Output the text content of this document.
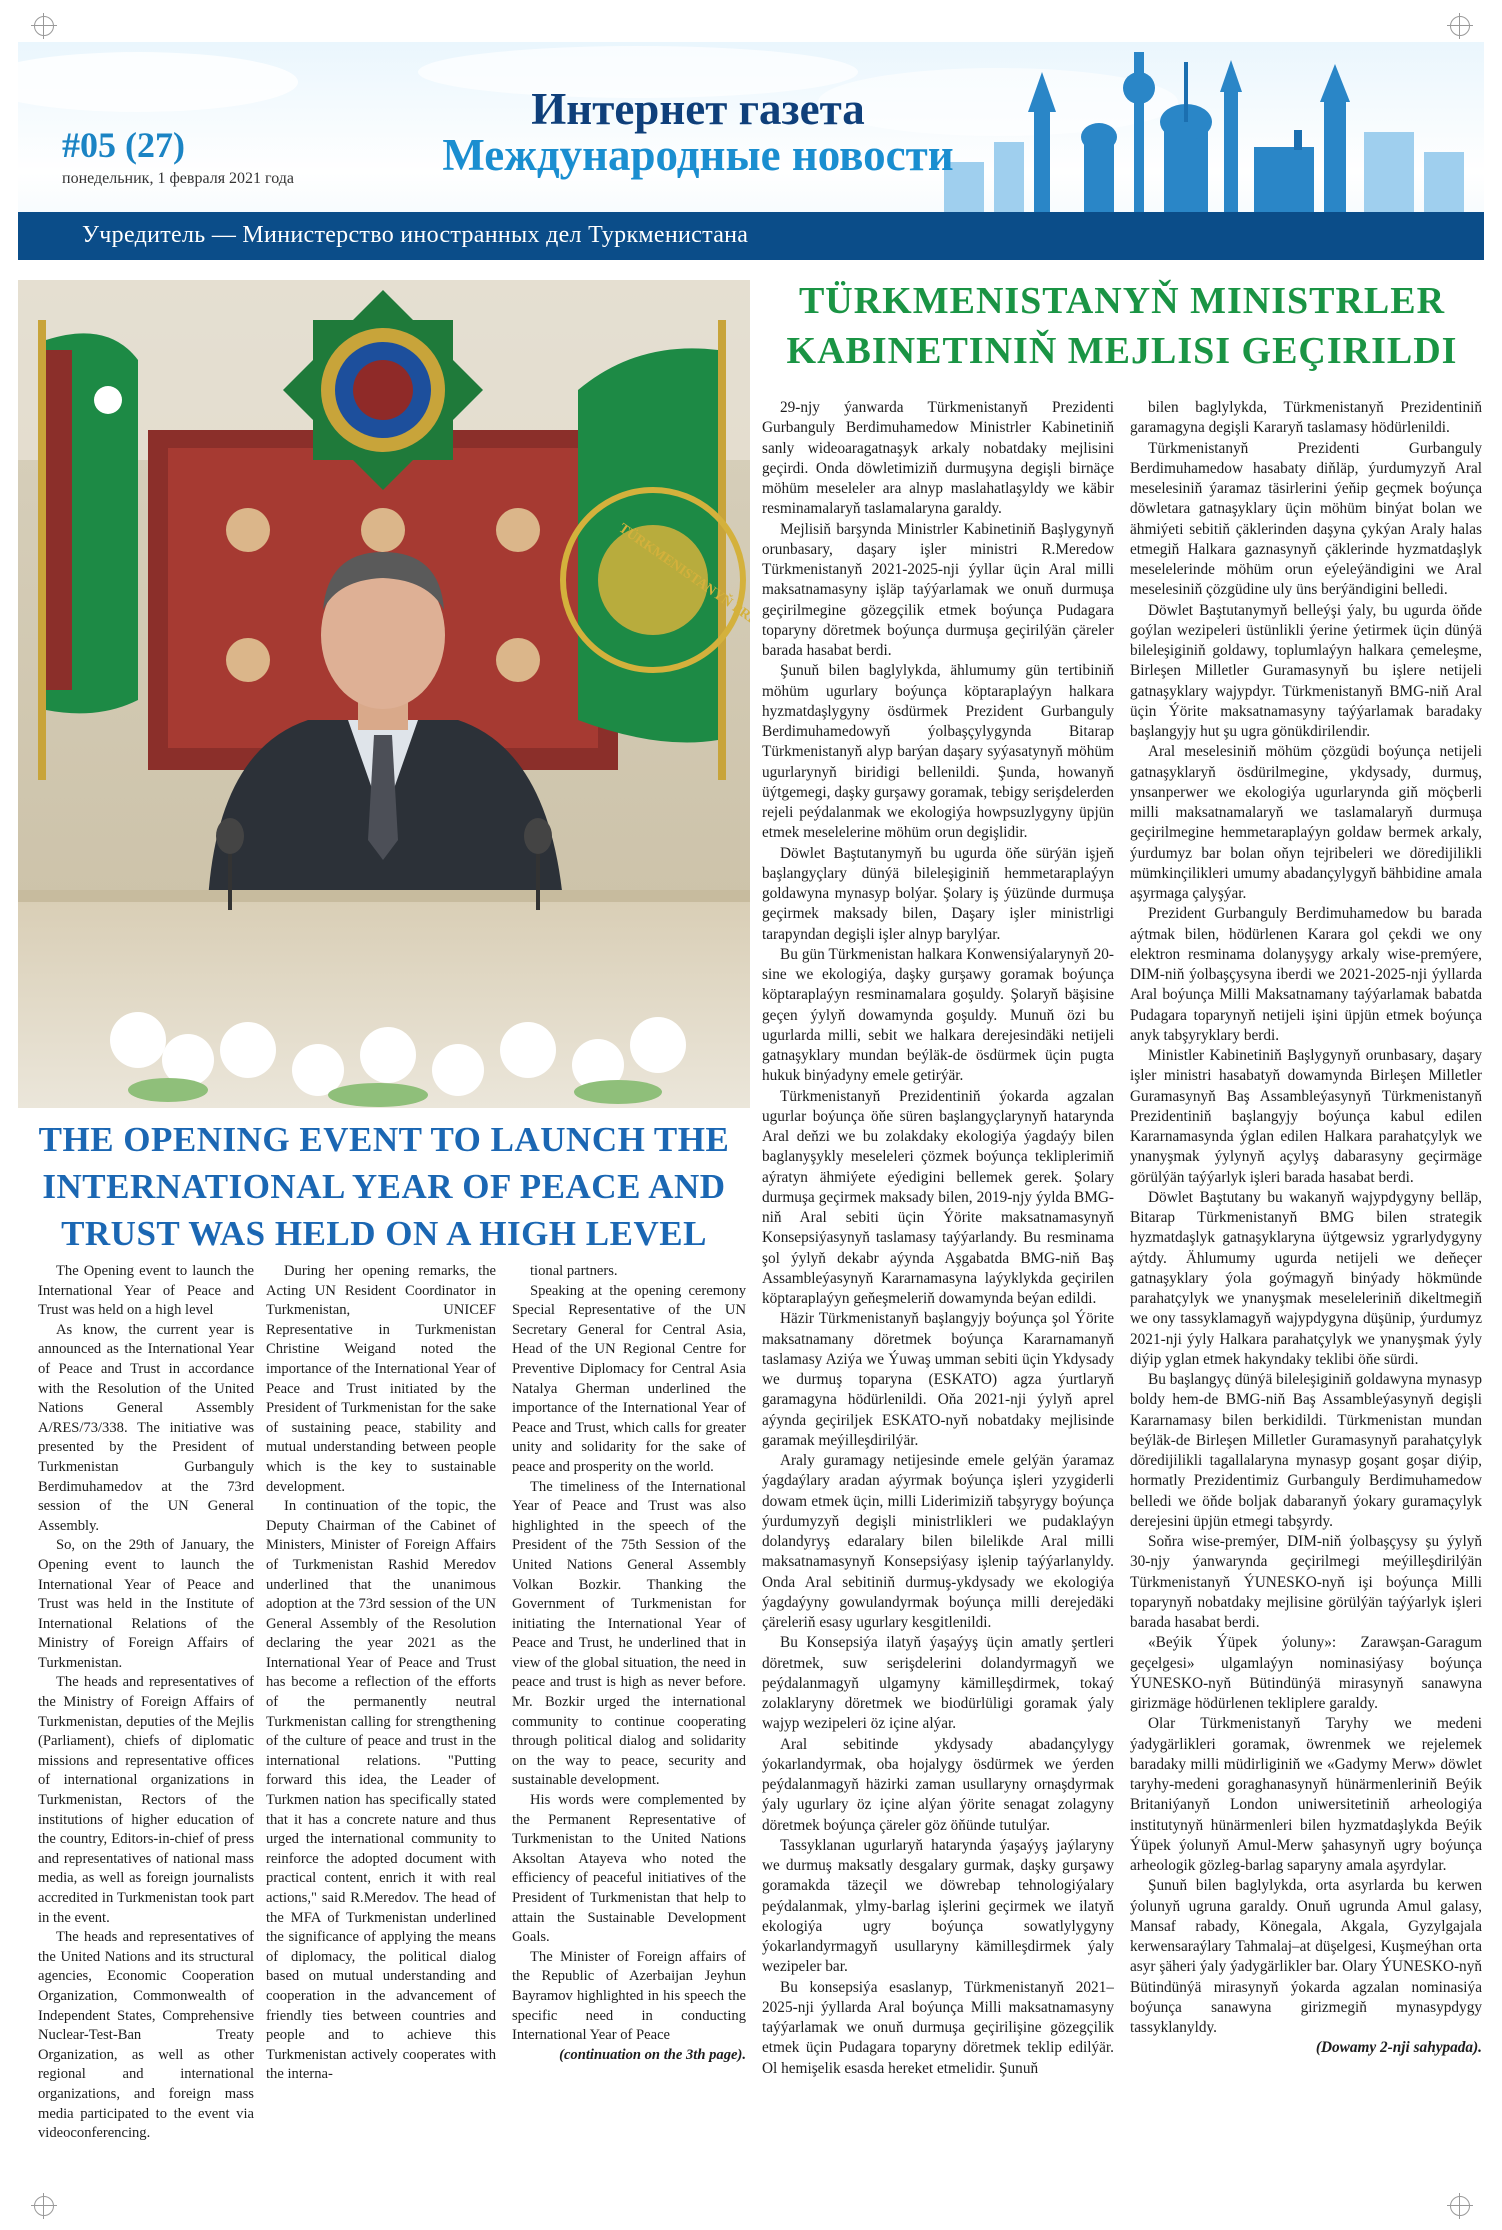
#05 (27)
понедельник, 1 февраля 2021 года
Интернет газета
Международные новости
Учредитель — Министерство иностранных дел Туркменистана
TÜRKMENISTANYŇ
TÜRKMENISTANYŇ MINISTRLER
KABINETINIŇ MEJLISI GEÇIRILDI
THE OPENING EVENT TO LAUNCH THE
INTERNATIONAL YEAR OF PEACE AND
TRUST WAS HELD ON A HIGH LEVEL

The Opening event to launch the International Year of Peace and Trust was held on a high level

As know, the current year is announced as the International Year of Peace and Trust in accordance with the Resolution of the United Nations General Assembly A/RES/73/338. The initiative was presented by the President of Turkmenistan Gurbanguly Berdimuhamedov at the 73rd session of the UN General Assembly.

So, on the 29th of January, the Opening event to launch the International Year of Peace and Trust was held in the Institute of International Relations of the Ministry of Foreign Affairs of Turkmenistan.

The heads and representatives of the Ministry of Foreign Affairs of Turkmenistan, deputies of the Mejlis (Parliament), chiefs of diplomatic missions and representative offices of international organizations in Turkmenistan, Rectors of the institutions of higher education of the country, Editors-in-chief of press and representatives of national mass media, as well as foreign journalists accredited in Turkmenistan took part in the event.

The heads and representatives of the United Nations and its structural agencies, Economic Cooperation Organization, Commonwealth of Independent States, Comprehensive Nuclear-Test-Ban Treaty Organization, as well as other regional and international organizations, and foreign mass media participated to the event via videoconferencing.

During her opening remarks, the Acting UN Resident Coordinator in Turkmenistan, UNICEF Representative in Turkmenistan Christine Weigand noted the importance of the International Year of Peace and Trust initiated by the President of Turkmenistan for the sake of sustaining peace, stability and mutual understanding between people which is the key to sustainable development.

In continuation of the topic, the Deputy Chairman of the Cabinet of Ministers, Minister of Foreign Affairs of Turkmenistan Rashid Meredov underlined that the unanimous adoption at the 73rd session of the UN General Assembly of the Resolution declaring the year 2021 as the International Year of Peace and Trust has become a reflection of the efforts of the permanently neutral Turkmenistan calling for strengthening of the culture of peace and trust in the international relations. "Putting forward this idea, the Leader of Turkmen nation has specifically stated that it has a concrete nature and thus urged the international community to reinforce the adopted document with practical content, enrich it with real actions," said R.Meredov. The head of the MFA of Turkmenistan underlined the significance of applying the means of diplomacy, the political dialog based on mutual understanding and cooperation in the advancement of friendly ties between countries and people and to achieve this Turkmenistan actively cooperates with the interna-

tional partners.

Speaking at the opening ceremony Special Representative of the UN Secretary General for Central Asia, Head of the UN Regional Centre for Preventive Diplomacy for Central Asia Natalya Gherman underlined the importance of the International Year of Peace and Trust, which calls for greater unity and solidarity for the sake of peace and prosperity on the world.

The timeliness of the International Year of Peace and Trust was also highlighted in the speech of the President of the 75th Session of the United Nations General Assembly Volkan Bozkir. Thanking the Government of Turkmenistan for initiating the International Year of Peace and Trust, he underlined that in view of the global situation, the need in peace and trust is high as never before. Mr. Bozkir urged the international community to continue cooperating through political dialog and solidarity on the way to peace, security and sustainable development.

His words were complemented by the Permanent Representative of Turkmenistan to the United Nations Aksoltan Atayeva who noted the efficiency of peaceful initiatives of the President of Turkmenistan that help to attain the Sustainable Development Goals.

The Minister of Foreign affairs of the Republic of Azerbaijan Jeyhun Bayramov highlighted in his speech the specific need in conducting International Year of Peace

(continuation on the 3th page).

29-njy ýanwarda Türkmenistanyň Prezidenti Gurbanguly Berdimuhamedow Ministrler Kabinetiniň sanly wideoaragatnaşyk arkaly nobatdaky mejlisini geçirdi. Onda döwletimiziň durmuşyna degişli birnäçe möhüm meseleler ara alnyp maslahatlaşyldy we käbir resminamalaryň taslamalaryna garaldy.

Mejlisiň barşynda Ministrler Kabinetiniň Başlygynyň orunbasary, daşary işler ministri R.Meredow Türkmenistanyň 2021-2025-nji ýyllar üçin Aral milli maksatnamasyny işläp taýýarlamak we onuň durmuşa geçirilmegine gözegçilik etmek boýunça Pudagara toparyny döretmek boýunça durmuşa geçirilýän çäreler barada hasabat berdi.

Şunuň bilen baglylykda, ählumumy gün tertibiniň möhüm ugurlary boýunça köptaraplaýyn halkara hyzmatdaşlygyny ösdürmek Prezident Gurbanguly Berdimuhamedowyň ýolbaşçylygynda Bitarap Türkmenistanyň alyp barýan daşary syýasatynyň möhüm ugurlarynyň biridigi bellenildi. Şunda, howanyň üýtgemegi, daşky gurşawy goramak, tebigy serişdelerden rejeli peýdalanmak we ekologiýa howpsuzlygyny üpjün etmek meselelerine möhüm orun degişlidir.

Döwlet Baştutanymyň bu ugurda öňe sürýän işjeň başlangyçlary dünýä bileleşiginiň hemmetaraplaýyn goldawyna mynasyp bolýar. Şolary iş ýüzünde durmuşa geçirmek maksady bilen, Daşary işler ministrligi tarapyndan degişli işler alnyp barylýar.

Bu gün Türkmenistan halkara Konwensiýalarynyň 20-sine we ekologiýa, daşky gurşawy goramak boýunça köptaraplaýyn resminamalara goşuldy. Şolaryň bäşisine geçen ýylyň dowamynda goşuldy. Munuň özi bu ugurlarda milli, sebit we halkara derejesindäki netijeli gatnaşyklary mundan beýläk-de ösdürmek üçin pugta hukuk binýadyny emele getirýär.

Türkmenistanyň Prezidentiniň ýokarda agzalan ugurlar boýunça öňe süren başlangyçlarynyň hatarynda Aral deňzi we bu zolakdaky ekologiýa ýagdaýy bilen baglanyşykly meseleleri çözmek boýunça tekliplerimiň aýratyn ähmiýete eýedigini bellemek gerek. Şolary durmuşa geçirmek maksady bilen, 2019-njy ýylda BMG-niň Aral sebiti üçin Ýörite maksatnamasynyň Konsepsiýasynyň taslamasy taýýarlandy. Bu resminama şol ýylyň dekabr aýynda Aşgabatda BMG-niň Baş Assambleýasynyň Kararnamasyna laýyklykda geçirilen köptaraplaýyn geňeşmeleriň dowamynda beýan edildi.

Häzir Türkmenistanyň başlangyjy boýunça şol Ýörite maksatnamany döretmek boýunça Kararnamanyň taslamasy Aziýa we Ýuwaş umman sebiti üçin Ykdysady we durmuş toparyna (ESKATO) agza ýurtlaryň garamagyna hödürlenildi. Oňa 2021-nji ýylyň aprel aýynda geçiriljek ESKATO-nyň nobatdaky mejlisinde garamak meýilleşdirilýär.

Araly guramagy netijesinde emele gelýän ýaramaz ýagdaýlary aradan aýyrmak boýunça işleri yzygiderli dowam etmek üçin, milli Liderimiziň tabşyrygy boýunça ýurdumyzyň degişli ministrlikleri we pudaklaýyn dolandyryş edaralary bilen bilelikde Aral milli maksatnamasynyň Konsepsiýasy işlenip taýýarlanyldy. Onda Aral sebitiniň durmuş-ykdysady we ekologiýa ýagdaýyny gowulandyrmak boýunça milli derejedäki çäreleriň esasy ugurlary kesgitlenildi.

Bu Konsepsiýa ilatyň ýaşaýyş üçin amatly şertleri döretmek, suw serişdelerini dolandyrmagyň we peýdalanmagyň ulgamyny kämilleşdirmek, tokaý zolaklaryny döretmek we biodürlüligi goramak ýaly wajyp wezipeleri öz içine alýar.

Aral sebitinde ykdysady abadançylygy ýokarlandyrmak, oba hojalygy ösdürmek we ýerden peýdalanmagyň häzirki zaman usullaryny ornaşdyrmak ýaly ugurlary öz içine alýan ýörite senagat zolagyny döretmek boýunça çäreler göz öňünde tutulýar.

Tassyklanan ugurlaryň hatarynda ýaşaýyş jaýlaryny we durmuş maksatly desgalary gurmak, daşky gurşawy goramakda täzeçil we döwrebap tehnologiýalary peýdalanmak, ylmy-barlag işlerini geçirmek we ilatyň ekologiýa ugry boýunça sowatlylygyny ýokarlandyrmagyň usullaryny kämilleşdirmek ýaly wezipeler bar.

Bu konsepsiýa esaslanyp, Türkmenistanyň 2021–2025-nji ýyllarda Aral boýunça Milli maksatnamasyny taýýarlamak we onuň durmuşa geçirilişine gözegçilik etmek üçin Pudagara toparyny döretmek teklip edilýär. Ol hemişelik esasda hereket etmelidir. Şunuň

bilen baglylykda, Türkmenistanyň Prezidentiniň garamagyna degişli Kararyň taslamasy hödürlenildi.

Türkmenistanyň Prezidenti Gurbanguly Berdimuhamedow hasabaty diňläp, ýurdumyzyň Aral meselesiniň ýaramaz täsirlerini ýeňip geçmek boýunça döwletara gatnaşyklary üçin möhüm binýat bolan we ähmiýeti sebitiň çäklerinden daşyna çykýan Araly halas etmegiň Halkara gaznasynyň çäklerinde hyzmatdaşlyk meselelerinde möhüm orun eýeleýändigini we Aral meselesiniň çözgüdine uly üns berýändigini belledi.

Döwlet Baştutanymyň belleýşi ýaly, bu ugurda öňde goýlan wezipeleri üstünlikli ýerine ýetirmek üçin dünýä bileleşiginiň goldawy, toplumlaýyn halkara çemeleşme, Birleşen Milletler Guramasynyň bu işlere netijeli gatnaşyklary wajypdyr. Türkmenistanyň BMG-niň Aral üçin Ýörite maksatnamasyny taýýarlamak baradaky başlangyjy hut şu ugra gönükdirilendir.

Aral meselesiniň möhüm çözgüdi boýunça netijeli gatnaşyklaryň ösdürilmegine, ykdysady, durmuş, ynsanperwer we ekologiýa ugurlarynda giň möçberli milli maksatnamalaryň we taslamalaryň durmuşa geçirilmegine hemmetaraplaýyn goldaw bermek arkaly, ýurdumyz bar bolan oňyn tejribeleri we döredijilikli mümkinçilikleri umumy abadançylygyň bähbidine amala aşyrmaga çalyşýar.

Prezident Gurbanguly Berdimuhamedow bu barada aýtmak bilen, hödürlenen Karara gol çekdi we ony elektron resminama dolanyşygy arkaly wise-premýere, DIM-niň ýolbaşçysyna iberdi we 2021-2025-nji ýyllarda Aral boýunça Milli Maksatnamany taýýarlamak babatda Pudagara toparynyň netijeli işini üpjün etmek boýunça anyk tabşyryklary berdi.

Ministler Kabinetiniň Başlygynyň orunbasary, daşary işler ministri hasabatyň dowamynda Birleşen Milletler Guramasynyň Baş Assambleýasynyň Türkmenistanyň Prezidentiniň başlangyjy boýunça kabul edilen Kararnamasynda ýglan edilen Halkara parahatçylyk we ynanyşmak ýylynyň açylyş dabarasyny geçirmäge görülýän taýýarlyk işleri barada hasabat berdi.

Döwlet Baştutany bu wakanyň wajypdygyny belläp, Bitarap Türkmenistanyň BMG bilen strategik hyzmatdaşlyk gatnaşyklaryna üýtgewsiz ygrarlydygyny aýtdy. Ählumumy ugurda netijeli we deňeçer gatnaşyklary ýola goýmagyň binýady hökmünde parahatçylyk we ynanyşmak meseleleriniň dikeltmegiň we ony tassyklamagyň wajypdygyna düşünip, ýurdumyz 2021-nji ýyly Halkara parahatçylyk we ynanyşmak ýyly diýip yglan etmek hakyndaky teklibi öňe sürdi.

Bu başlangyç dünýä bileleşiginiň goldawyna mynasyp boldy hem-de BMG-niň Baş Assambleýasynyň degişli Kararnamasy bilen berkidildi. Türkmenistan mundan beýläk-de Birleşen Milletler Guramasynyň parahatçylyk döredijilikli tagallalaryna mynasyp goşant goşar diýip, hormatly Prezidentimiz Gurbanguly Berdimuhamedow belledi we öňde boljak dabaranyň ýokary guramaçylyk derejesini üpjün etmegi tabşyrdy.

Soňra wise-premýer, DIM-niň ýolbaşçysy şu ýylyň 30-njy ýanwarynda geçirilmegi meýilleşdirilýän Türkmenistanyň ÝUNESKO-nyň işi boýunça Milli toparynyň nobatdaky mejlisine görülýän taýýarlyk işleri barada hasabat berdi.

«Beýik Ýüpek ýoluny»: Zarawşan-Garagum geçelgesi» ulgamlaýyn nominasiýasy boýunça ÝUNESKO-nyň Bütindünýä mirasynyň sanawyna girizmäge hödürlenen tekliplere garaldy.

Olar Türkmenistanyň Taryhy we medeni ýadygärlikleri goramak, öwrenmek we rejelemek baradaky milli müdirliginiň we «Gadymy Merw» döwlet taryhy-medeni goraghanasynyň hünärmenleriniň Beýik Britaniýanyň London uniwersitetiniň arheologiýa institutynyň hünärmenleri bilen hyzmatdaşlykda Beýik Ýüpek ýolunyň Amul-Merw şahasynyň ugry boýunça arheologik gözleg-barlag saparyny amala aşyrdylar.

Şunuň bilen baglylykda, orta asyrlarda bu kerwen ýolunyň ugruna garaldy. Onuň ugrunda Amul galasy, Mansaf rabady, Könegala, Akgala, Gyzylgajala kerwensaraýlary Tahmalaj–at düşelgesi, Kuşmeýhan orta asyr şäheri ýaly ýadygärlikler bar. Olary ÝUNESKO-nyň Bütindünýä mirasynyň ýokarda agzalan nominasiýa boýunça sanawyna girizmegiň mynasypdygy tassyklanyldy.

(Dowamy 2-nji sahypada).
